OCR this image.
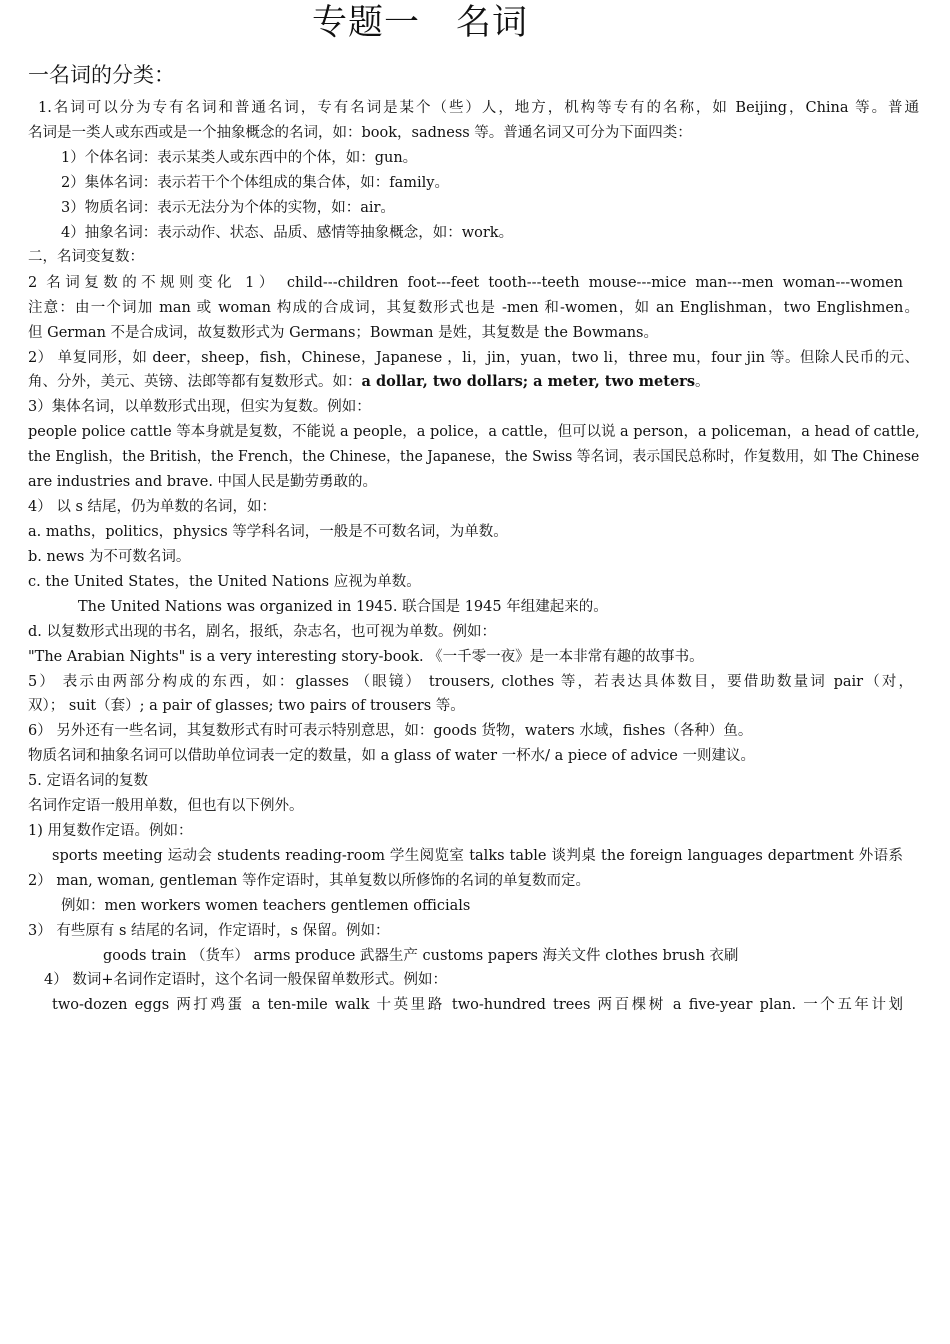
专题一　名词
一名词的分类：
1.名词可以分为专有名词和普通名词，专有名词是某个（些）人，地方，机构等专有的名称，如 Beijing，China 等。普通
名词是一类人或东西或是一个抽象概念的名词，如：book，sadness 等。普通名词又可分为下面四类：
1）个体名词：表示某类人或东西中的个体，如：gun。
2）集体名词：表示若干个个体组成的集合体，如：family。
3）物质名词：表示无法分为个体的实物，如：air。
4）抽象名词：表示动作、状态、品质、感情等抽象概念，如：work。
二，名词变复数：
2 名词复数的不规则变化 1） child---children foot---feet tooth---teeth mouse---mice man---men woman---women
注意：由一个词加 man 或 woman 构成的合成词，其复数形式也是 -men 和-women，如 an Englishman，two Englishmen。
但 German 不是合成词，故复数形式为 Germans；Bowman 是姓，其复数是 the Bowmans。
2） 单复同形，如 deer，sheep，fish，Chinese，Japanese ，li，jin，yuan，two li，three mu，four jin 等。但除人民币的元、
角、分外，美元、英镑、法郎等都有复数形式。如：a dollar, two dollars; a meter, two meters。
3）集体名词，以单数形式出现，但实为复数。例如：
people police cattle 等本身就是复数，不能说 a people，a police，a cattle，但可以说 a person，a policeman，a head of cattle,
the English，the British，the French，the Chinese，the Japanese，the Swiss 等名词，表示国民总称时，作复数用，如 The Chinese
are industries and brave. 中国人民是勤劳勇敢的。
4） 以 s 结尾，仍为单数的名词，如：
a. maths，politics，physics 等学科名词，一般是不可数名词，为单数。
b. news 为不可数名词。
c. the United States，the United Nations 应视为单数。
The United Nations was organized in 1945. 联合国是 1945 年组建起来的。
d. 以复数形式出现的书名，剧名，报纸，杂志名，也可视为单数。例如：
"The Arabian Nights" is a very interesting story-book. 《一千零一夜》是一本非常有趣的故事书。
5） 表示由两部分构成的东西，如：glasses （眼镜） trousers, clothes 等，若表达具体数目，要借助数量词 pair（对，
双）； suit（套）; a pair of glasses; two pairs of trousers 等。
6） 另外还有一些名词，其复数形式有时可表示特别意思，如：goods 货物，waters 水域，fishes（各种）鱼。
物质名词和抽象名词可以借助单位词表一定的数量，如 a glass of water 一杯水/ a piece of advice 一则建议。
5. 定语名词的复数
名词作定语一般用单数，但也有以下例外。
1) 用复数作定语。例如：
sports meeting 运动会 students reading-room 学生阅览室 talks table 谈判桌 the foreign languages department 外语系
2） man, woman, gentleman 等作定语时，其单复数以所修饰的名词的单复数而定。
例如：men workers women teachers gentlemen officials
3） 有些原有 s 结尾的名词，作定语时，s 保留。例如：
goods train （货车） arms produce 武器生产 customs papers 海关文件 clothes brush 衣刷
4） 数词+名词作定语时，这个名词一般保留单数形式。例如：
two-dozen eggs 两打鸡蛋 a ten-mile walk 十英里路 two-hundred trees 两百棵树 a five-year plan. 一个五年计划
